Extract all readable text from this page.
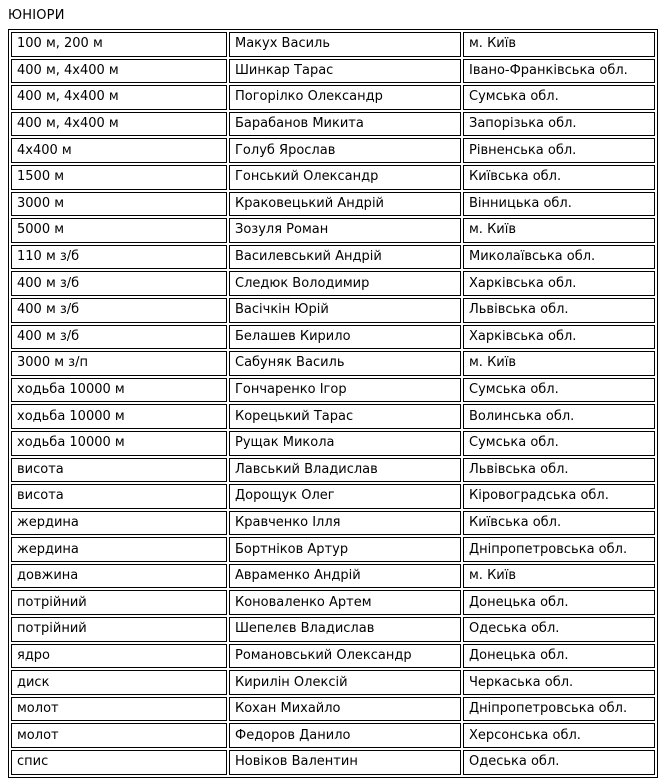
ЮНІОРИ
100 м, 200 м	Макух Василь	м. Київ
400 м, 4х400 м	Шинкар Тарас	Івано-Франківська обл.
400 м, 4х400 м	Погорілко Олександр	Сумська обл.
400 м, 4х400 м	Барабанов Микита	Запорізька обл.
4х400 м	Голуб Ярослав	Рівненська обл.
1500 м	Гонський Олександр	Київська обл.
3000 м	Краковецький Андрій	Вінницька обл.
5000 м	Зозуля Роман	м. Київ
110 м з/б	Василевський Андрій	Миколаївська обл.
400 м з/б	Следюк Володимир	Харківська обл.
400 м з/б	Васічкін Юрій	Львівська обл.
400 м з/б	Белашев Кирило	Харківська обл.
3000 м з/п	Сабуняк Василь	м. Київ
ходьба 10000 м	Гончаренко Ігор	Сумська обл.
ходьба 10000 м	Корецький Тарас	Волинська обл.
ходьба 10000 м	Рущак Микола	Сумська обл.
висота	Лавський Владислав	Львівська обл.
висота	Дорощук Олег	Кіровоградська обл.
жердина	Кравченко Ілля	Київська обл.
жердина	Бортніков Артур	Дніпропетровська обл.
довжина	Авраменко Андрій	м. Київ
потрійний	Коноваленко Артем	Донецька обл.
потрійний	Шепелєв Владислав	Одеська обл.
ядро	Романовський Олександр	Донецька обл.
диск	Кирилін Олексій	Черкаська обл.
молот	Кохан Михайло	Дніпропетровська обл.
молот	Федоров Данило	Херсонська обл.
спис	Новіков Валентин	Одеська обл.
